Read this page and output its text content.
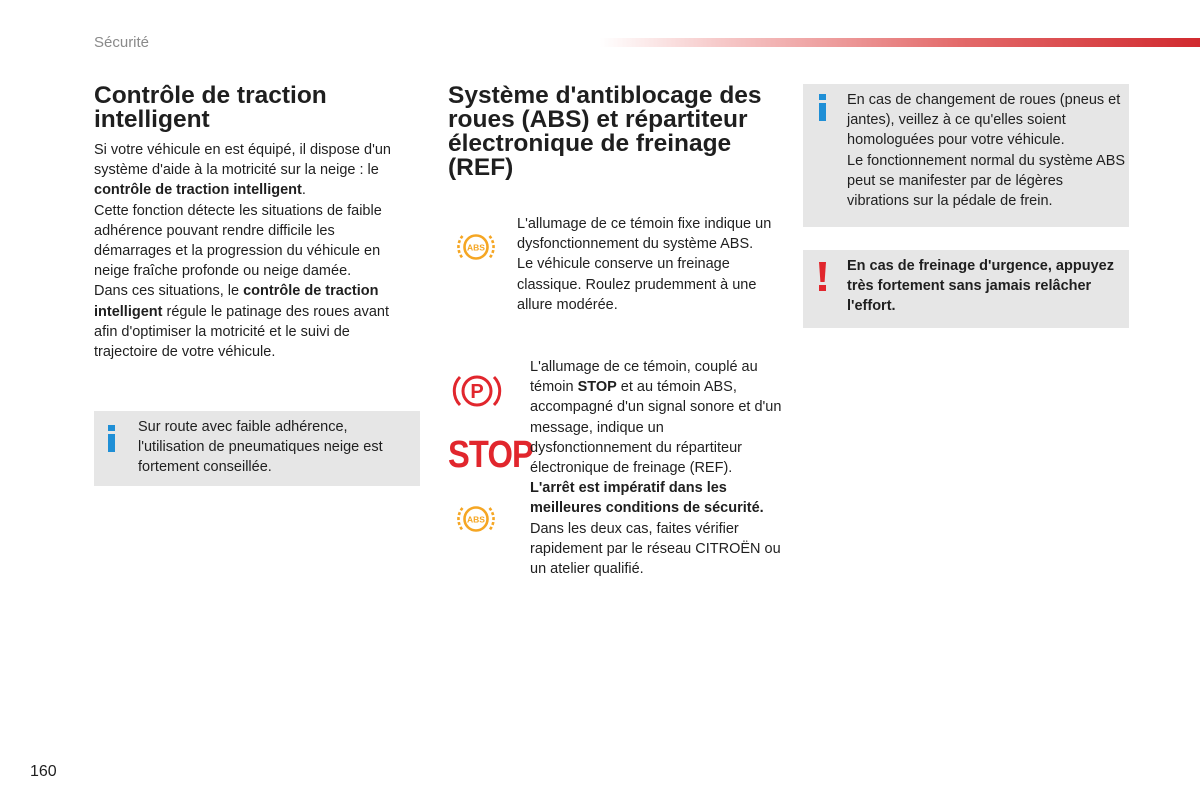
Sécurité
Contrôle de traction intelligent

Si votre véhicule en est équipé, il dispose d'un système d'aide à la motricité sur la neige : le contrôle de traction intelligent.

Cette fonction détecte les situations de faible adhérence pouvant rendre difficile les démarrages et la progression du véhicule en neige fraîche profonde ou neige damée.

Dans ces situations, le contrôle de traction intelligent régule le patinage des roues avant afin d'optimiser la motricité et le suivi de trajectoire de votre véhicule.

Sur route avec faible adhérence, l'utilisation de pneumatiques neige est fortement conseillée.

Système d'antiblocage des roues (ABS) et répartiteur électronique de freinage (REF)
ABS

L'allumage de ce témoin fixe indique un dysfonctionnement du système ABS.

Le véhicule conserve un freinage classique. Roulez prudemment à une allure modérée.

P
STOP
ABS

L'allumage de ce témoin, couplé au témoin STOP et au témoin ABS, accompagné d'un signal sonore et d'un message, indique un dysfonctionnement du répartiteur électronique de freinage (REF).

L'arrêt est impératif dans les meilleures conditions de sécurité.

Dans les deux cas, faites vérifier rapidement par le réseau CITROËN ou un atelier qualifié.

En cas de changement de roues (pneus et jantes), veillez à ce qu'elles soient homologuées pour votre véhicule.

Le fonctionnement normal du système ABS peut se manifester par de légères vibrations sur la pédale de frein.

En cas de freinage d'urgence, appuyez très fortement sans jamais relâcher l'effort.

160
